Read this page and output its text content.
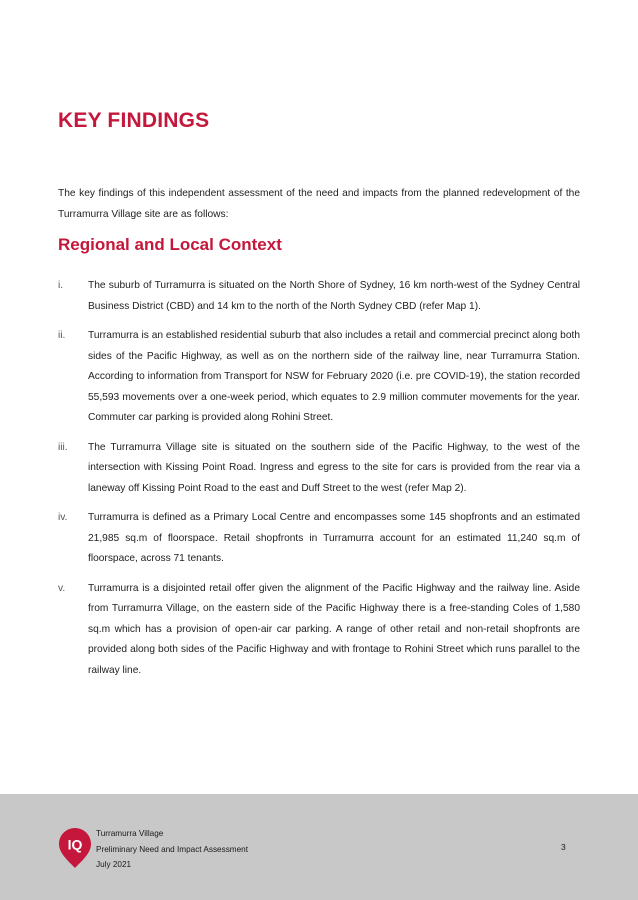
KEY FINDINGS

The key findings of this independent assessment of the need and impacts from the planned redevelopment of the Turramurra Village site are as follows:

Regional and Local Context
i.	The suburb of Turramurra is situated on the North Shore of Sydney, 16 km north-west of the Sydney Central Business District (CBD) and 14 km to the north of the North Sydney CBD (refer Map 1).
ii.	Turramurra is an established residential suburb that also includes a retail and commercial precinct along both sides of the Pacific Highway, as well as on the northern side of the railway line, near Turramurra Station. According to information from Transport for NSW for February 2020 (i.e. pre COVID-19), the station recorded 55,593 movements over a one-week period, which equates to 2.9 million commuter movements for the year. Commuter car parking is provided along Rohini Street.
iii.	The Turramurra Village site is situated on the southern side of the Pacific Highway, to the west of the intersection with Kissing Point Road. Ingress and egress to the site for cars is provided from the rear via a laneway off Kissing Point Road to the east and Duff Street to the west (refer Map 2).
iv.	Turramurra is defined as a Primary Local Centre and encompasses some 145 shopfronts and an estimated 21,985 sq.m of floorspace. Retail shopfronts in Turramurra account for an estimated 11,240 sq.m of floorspace, across 71 tenants.
v.	Turramurra is a disjointed retail offer given the alignment of the Pacific Highway and the railway line. Aside from Turramurra Village, on the eastern side of the Pacific Highway there is a free-standing Coles of 1,580 sq.m which has a provision of open-air car parking. A range of other retail and non-retail shopfronts are provided along both sides of the Pacific Highway and with frontage to Rohini Street which runs parallel to the railway line.
IQ
Turramurra Village
Preliminary Need and Impact Assessment
July 2021
3
